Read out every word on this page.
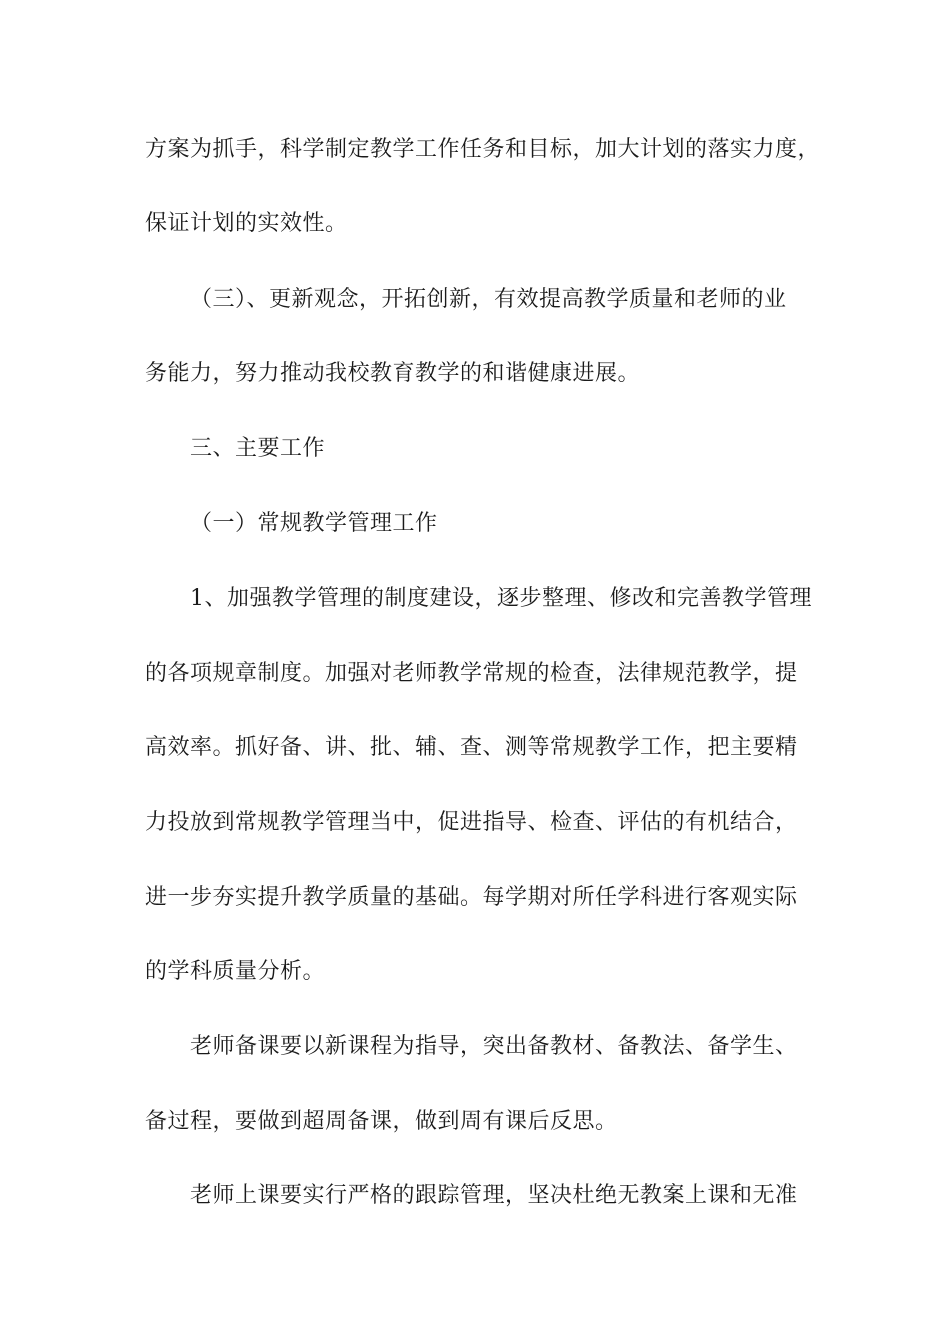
方案为抓手，科学制定教学工作任务和目标，加大计划的落实力度，
保证计划的实效性。
（三）、更新观念，开拓创新，有效提高教学质量和老师的业
务能力，努力推动我校教育教学的和谐健康进展。
三、主要工作
（一）常规教学管理工作
1、加强教学管理的制度建设，逐步整理、修改和完善教学管理
的各项规章制度。加强对老师教学常规的检查，法律规范教学，提
高效率。抓好备、讲、批、辅、查、测等常规教学工作，把主要精
力投放到常规教学管理当中，促进指导、检查、评估的有机结合，
进一步夯实提升教学质量的基础。每学期对所任学科进行客观实际
的学科质量分析。
老师备课要以新课程为指导，突出备教材、备教法、备学生、
备过程，要做到超周备课，做到周有课后反思。
老师上课要实行严格的跟踪管理，坚决杜绝无教案上课和无准
